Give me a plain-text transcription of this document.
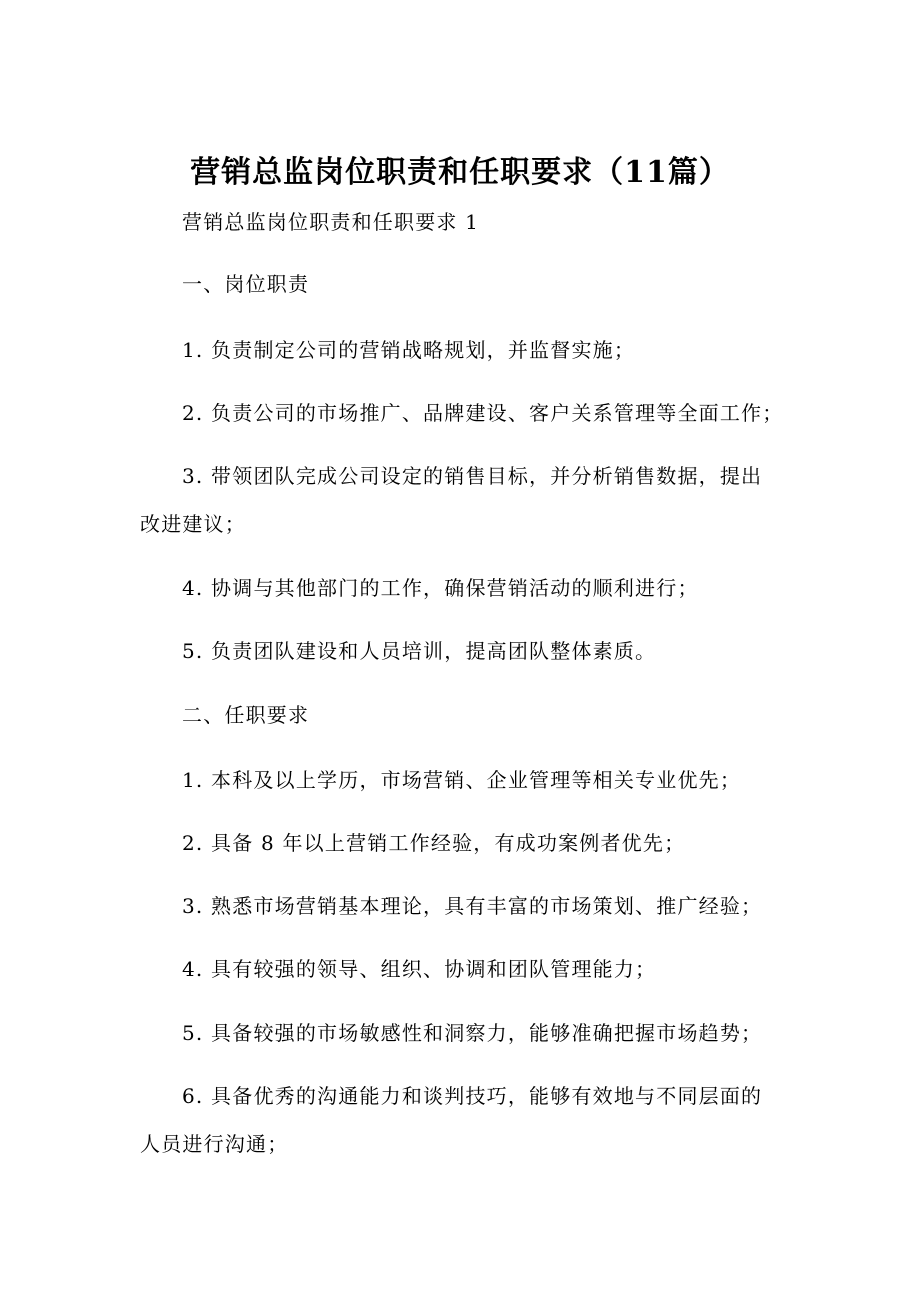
营销总监岗位职责和任职要求（11篇）

营销总监岗位职责和任职要求 1

一、岗位职责

1. 负责制定公司的营销战略规划，并监督实施；

2. 负责公司的市场推广、品牌建设、客户关系管理等全面工作；

3. 带领团队完成公司设定的销售目标，并分析销售数据，提出

改进建议；

4. 协调与其他部门的工作，确保营销活动的顺利进行；

5. 负责团队建设和人员培训，提高团队整体素质。

二、任职要求

1. 本科及以上学历，市场营销、企业管理等相关专业优先；

2. 具备 8 年以上营销工作经验，有成功案例者优先；

3. 熟悉市场营销基本理论，具有丰富的市场策划、推广经验；

4. 具有较强的领导、组织、协调和团队管理能力；

5. 具备较强的市场敏感性和洞察力，能够准确把握市场趋势；

6. 具备优秀的沟通能力和谈判技巧，能够有效地与不同层面的

人员进行沟通；
